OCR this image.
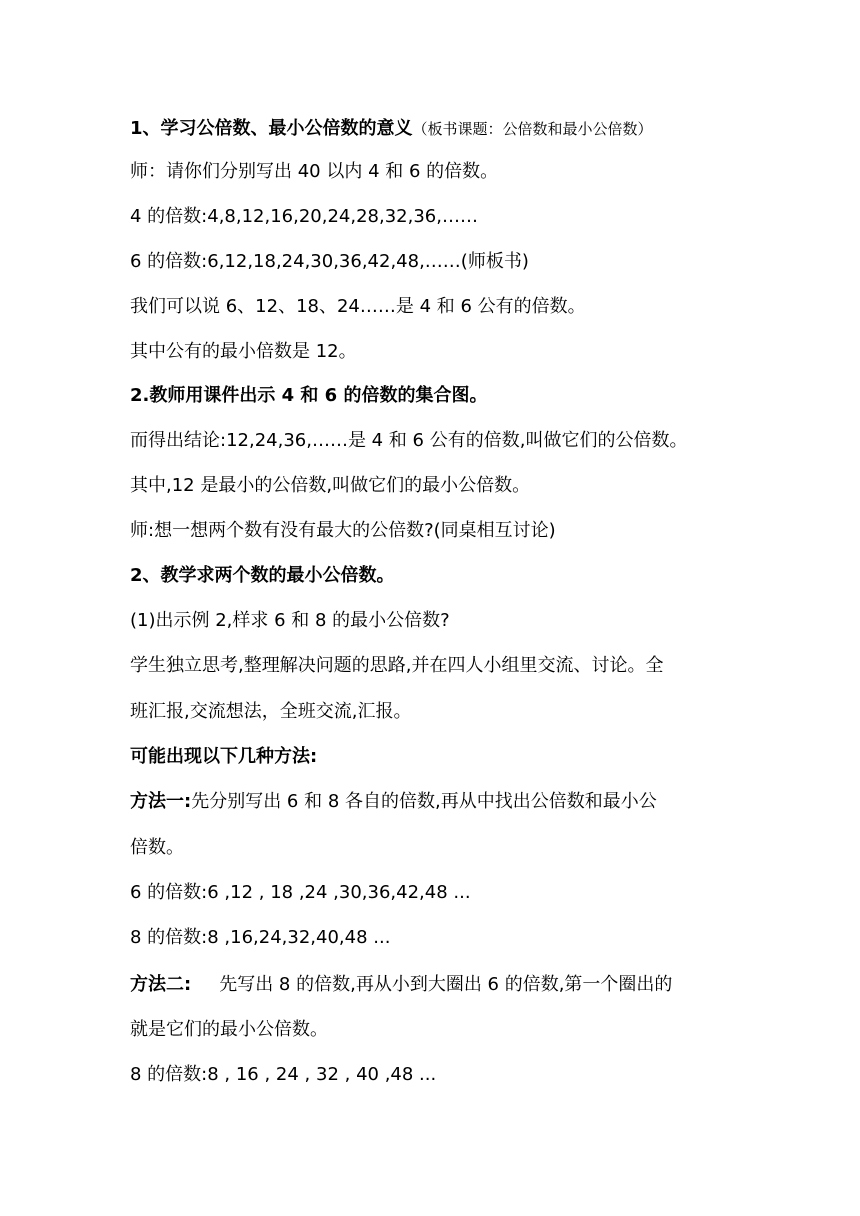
1、学习公倍数、最小公倍数的意义（板书课题：公倍数和最小公倍数）
师：请你们分别写出 40 以内 4 和 6 的倍数。
4 的倍数:4,8,12,16,20,24,28,32,36,……
6 的倍数:6,12,18,24,30,36,42,48,……(师板书)
我们可以说 6、12、18、24……是 4 和 6 公有的倍数。
其中公有的最小倍数是 12。
2.教师用课件出示 4 和 6 的倍数的集合图。
而得出结论:12,24,36,……是 4 和 6 公有的倍数,叫做它们的公倍数。
其中,12 是最小的公倍数,叫做它们的最小公倍数。
师:想一想两个数有没有最大的公倍数?(同桌相互讨论)
2、教学求两个数的最小公倍数。
(1)出示例 2,样求 6 和 8 的最小公倍数?
学生独立思考,整理解决问题的思路,并在四人小组里交流、讨论。全
班汇报,交流想法，全班交流,汇报。
可能出现以下几种方法:
方法一:先分别写出 6 和 8 各自的倍数,再从中找出公倍数和最小公
倍数。
6 的倍数:6 ,12 , 18 ,24 ,30,36,42,48 ...
8 的倍数:8 ,16,24,32,40,48 ...
方法二: 先写出 8 的倍数,再从小到大圈出 6 的倍数,第一个圈出的
就是它们的最小公倍数。
8 的倍数:8 , 16 , 24 , 32 , 40 ,48 ...
